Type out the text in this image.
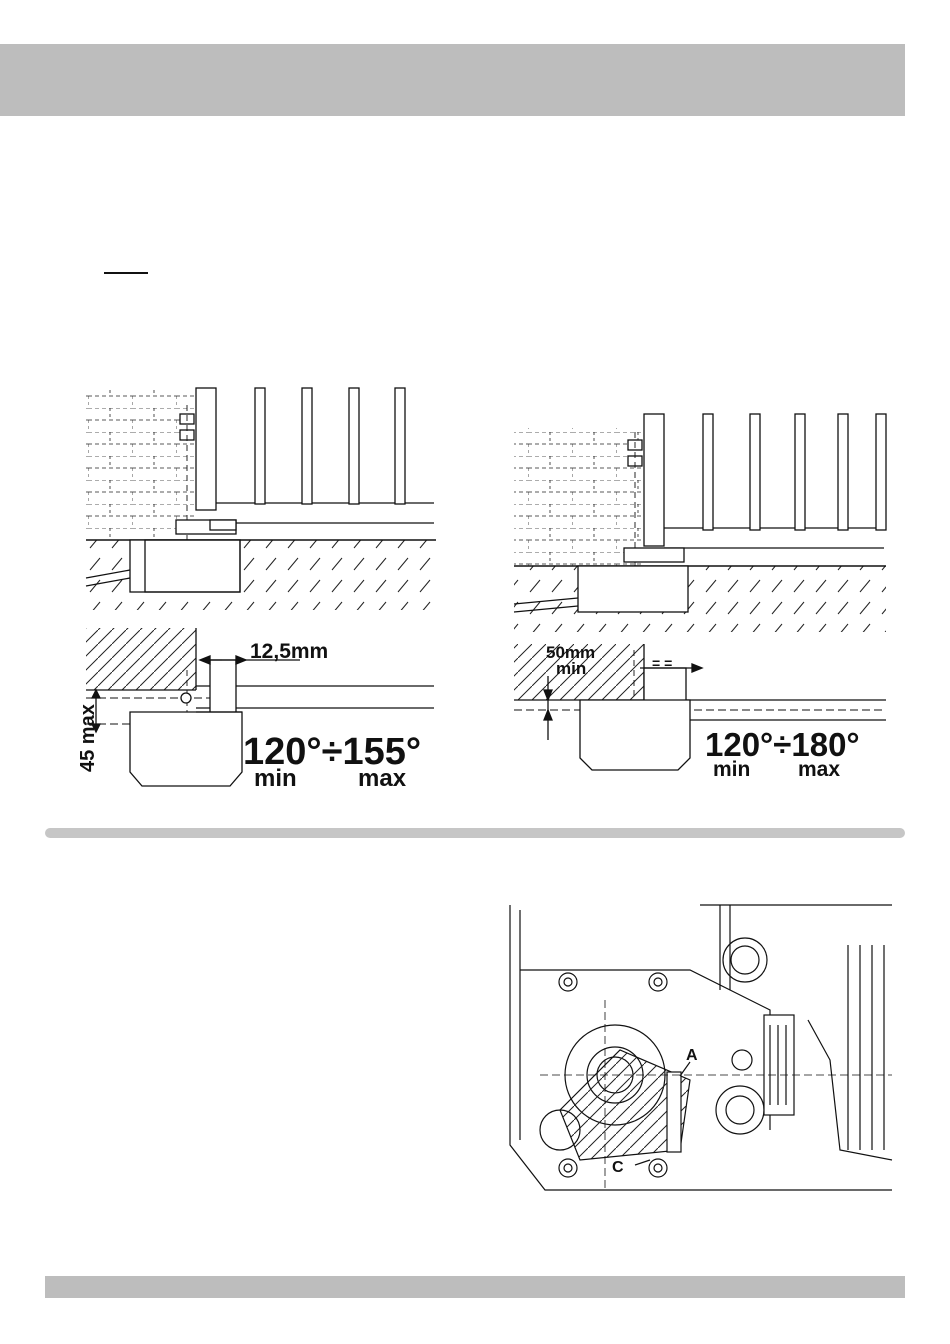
12,5mm
45 max	120°÷155°
min	max
50mm
min	= =
120°÷180°
min max
A
C
